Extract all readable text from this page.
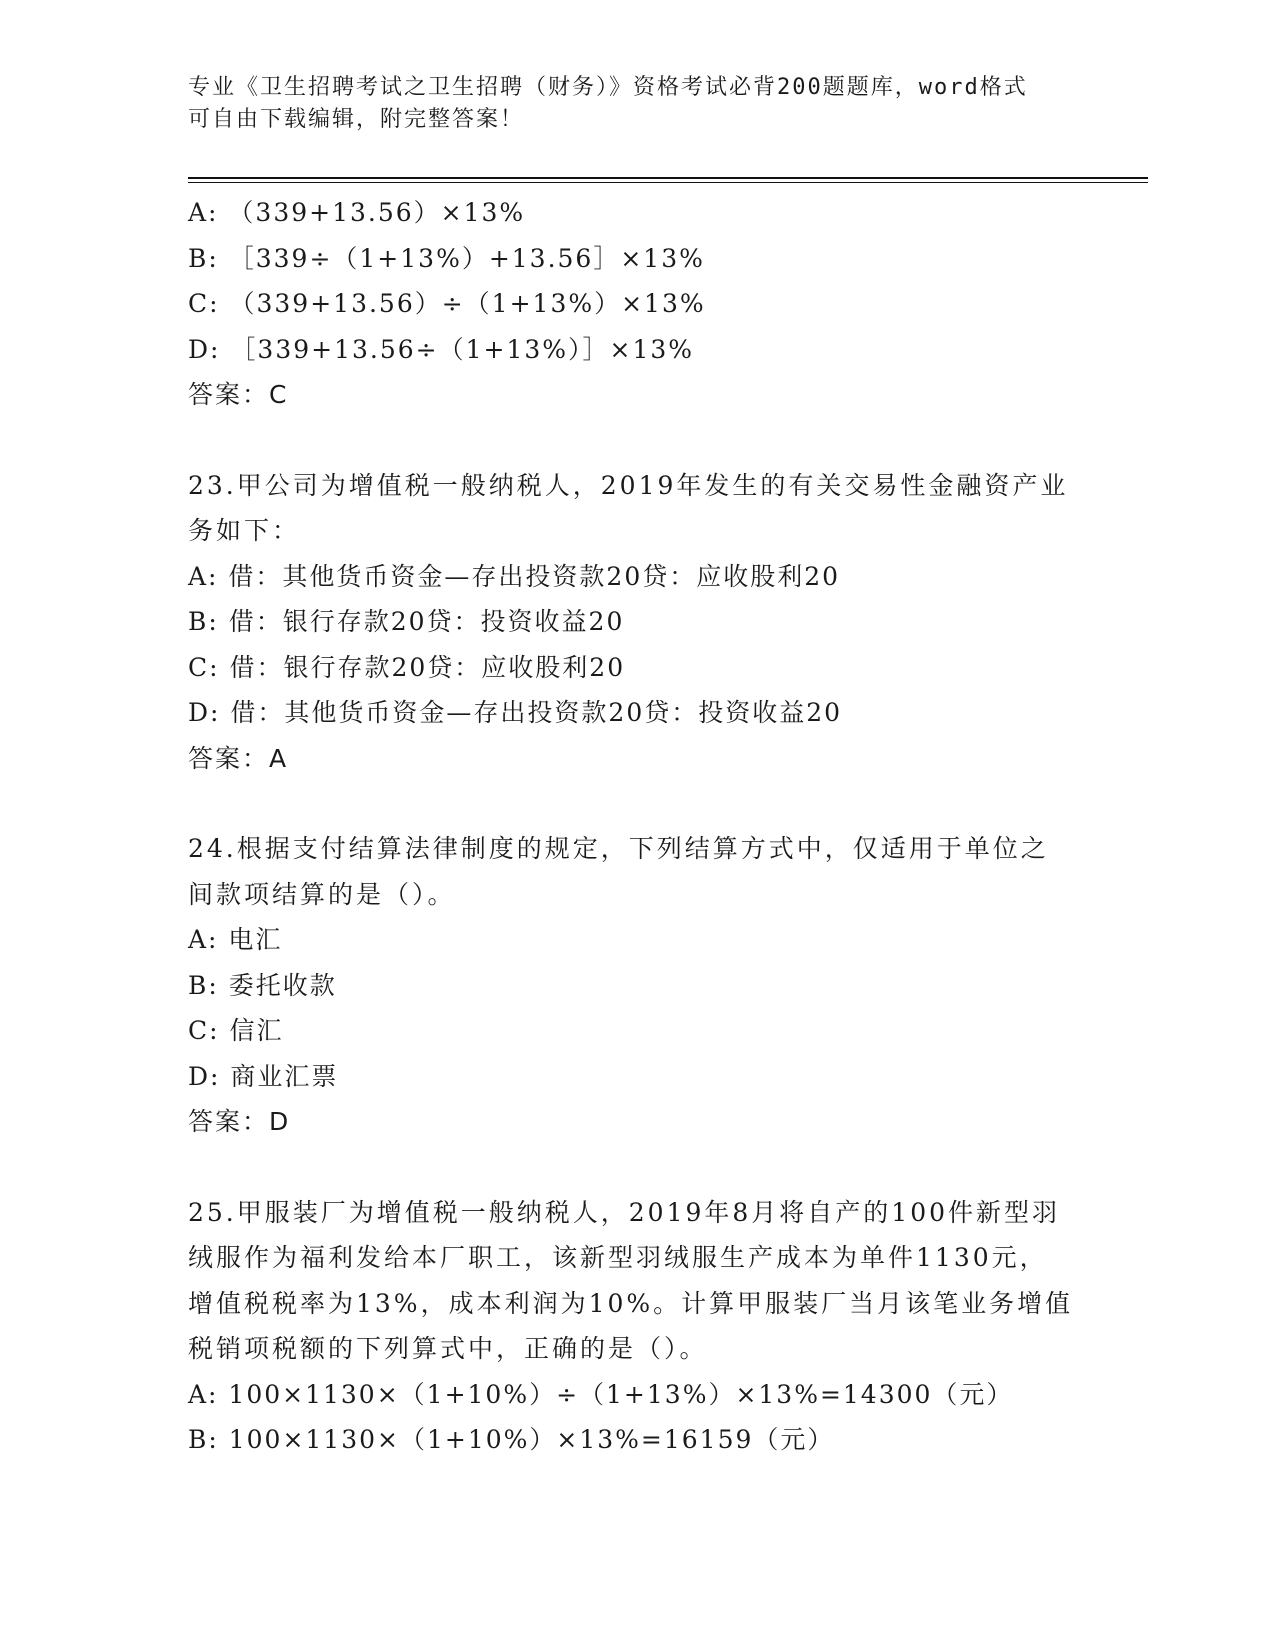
专业《卫生招聘考试之卫生招聘（财务）》资格考试必背200题题库，word格式
可自由下载编辑，附完整答案！
A: （339+13.56）×13%
B: ［339÷（1+13%）+13.56］×13%
C: （339+13.56）÷（1+13%）×13%
D: ［339+13.56÷（1+13%）］×13%
答案：C
23.甲公司为增值税一般纳税人，2019年发生的有关交易性金融资产业
务如下：
A: 借：其他货币资金—存出投资款20贷：应收股利20
B: 借：银行存款20贷：投资收益20
C: 借：银行存款20贷：应收股利20
D: 借：其他货币资金—存出投资款20贷：投资收益20
答案：A
24.根据支付结算法律制度的规定，下列结算方式中，仅适用于单位之
间款项结算的是（）。
A: 电汇
B: 委托收款
C: 信汇
D: 商业汇票
答案：D
25.甲服装厂为增值税一般纳税人，2019年8月将自产的100件新型羽
绒服作为福利发给本厂职工，该新型羽绒服生产成本为单件1130元，
增值税税率为13%，成本利润为10%。计算甲服装厂当月该笔业务增值
税销项税额的下列算式中，正确的是（）。
A: 100×1130×（1+10%）÷（1+13%）×13%=14300（元）
B: 100×1130×（1+10%）×13%=16159（元）
